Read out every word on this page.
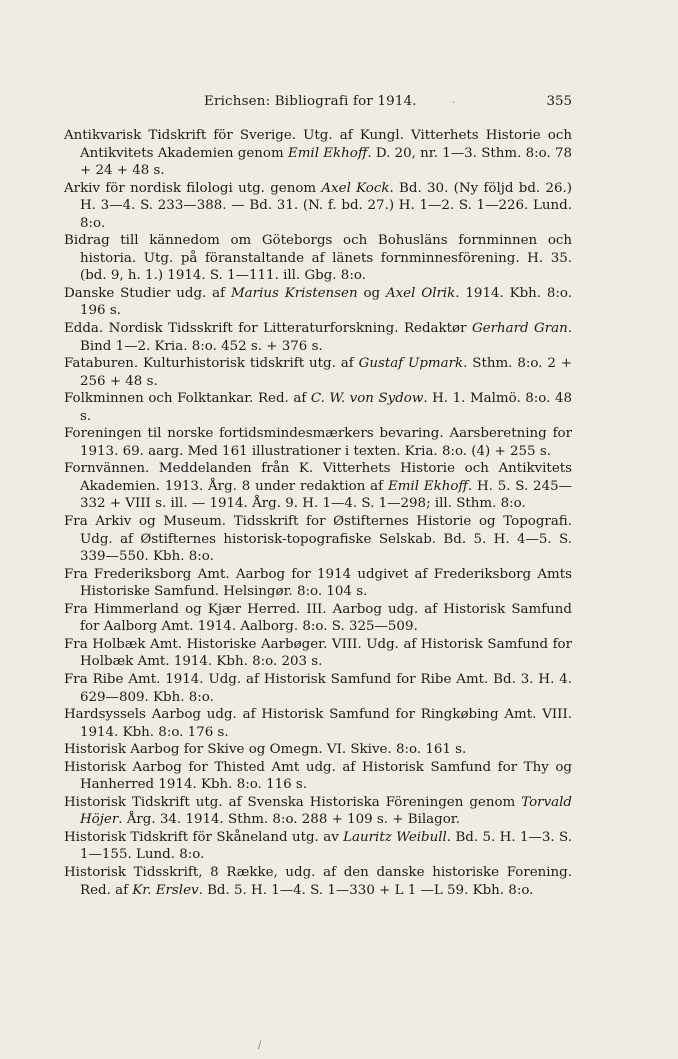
Erichsen: Bibliografi for 1914.	355

Antikvarisk Tidskrift för Sverige. Utg. af Kungl. Vitterhets Historie och Antikvitets Akademien genom Emil Ekhoff. D. 20, nr. 1—3. Sthm. 8:o. 78 + 24 + 48 s.

Arkiv för nordisk filologi utg. genom Axel Kock. Bd. 30. (Ny följd bd. 26.) H. 3—4. S. 233—388. — Bd. 31. (N. f. bd. 27.) H. 1—2. S. 1—226. Lund. 8:o.

Bidrag till kännedom om Göteborgs och Bohusläns fornminnen och historia. Utg. på föranstaltande af länets fornminnesförening. H. 35. (bd. 9, h. 1.) 1914. S. 1—111. ill. Gbg. 8:o.

Danske Studier udg. af Marius Kristensen og Axel Olrik. 1914. Kbh. 8:o. 196 s.

Edda. Nordisk Tidsskrift for Litteraturforskning. Redaktør Gerhard Gran. Bind 1—2. Kria. 8:o. 452 s. + 376 s.

Fataburen. Kulturhistorisk tidskrift utg. af Gustaf Upmark. Sthm. 8:o. 2 + 256 + 48 s.

Folkminnen och Folktankar. Red. af C. W. von Sydow. H. 1. Malmö. 8:o. 48 s.

Foreningen til norske fortidsmindesmærkers bevaring. Aarsberetning for 1913. 69. aarg. Med 161 illustrationer i texten. Kria. 8:o. (4) + 255 s.

Fornvännen. Meddelanden från K. Vitterhets Historie och Antikvitets Akademien. 1913. Årg. 8 under redaktion af Emil Ekhoff. H. 5. S. 245—332 + VIII s. ill. — 1914. Årg. 9. H. 1—4. S. 1—298; ill. Sthm. 8:o.

Fra Arkiv og Museum. Tidsskrift for Østifternes Historie og Topografi. Udg. af Østifternes historisk-topografiske Selskab. Bd. 5. H. 4—5. S. 339—550. Kbh. 8:o.

Fra Frederiksborg Amt. Aarbog for 1914 udgivet af Frederiksborg Amts Historiske Samfund. Helsingør. 8:o. 104 s.

Fra Himmerland og Kjær Herred. III. Aarbog udg. af Historisk Samfund for Aalborg Amt. 1914. Aalborg. 8:o. S. 325—509.

Fra Holbæk Amt. Historiske Aarbøger. VIII. Udg. af Historisk Samfund for Holbæk Amt. 1914. Kbh. 8:o. 203 s.

Fra Ribe Amt. 1914. Udg. af Historisk Samfund for Ribe Amt. Bd. 3. H. 4. 629—809. Kbh. 8:o.

Hardsyssels Aarbog udg. af Historisk Samfund for Ringkøbing Amt. VIII. 1914. Kbh. 8:o. 176 s.

Historisk Aarbog for Skive og Omegn. VI. Skive. 8:o. 161 s.

Historisk Aarbog for Thisted Amt udg. af Historisk Samfund for Thy og Hanherred 1914. Kbh. 8:o. 116 s.

Historisk Tidskrift utg. af Svenska Historiska Föreningen genom Torvald Höjer. Årg. 34. 1914. Sthm. 8:o. 288 + 109 s. + Bilagor.

Historisk Tidskrift för Skåneland utg. av Lauritz Weibull. Bd. 5. H. 1—3. S. 1—155. Lund. 8:o.

Historisk Tidsskrift, 8 Række, udg. af den danske historiske Forening. Red. af Kr. Erslev. Bd. 5. H. 1—4. S. 1—330 + L 1 —L 59. Kbh. 8:o.

·
/
